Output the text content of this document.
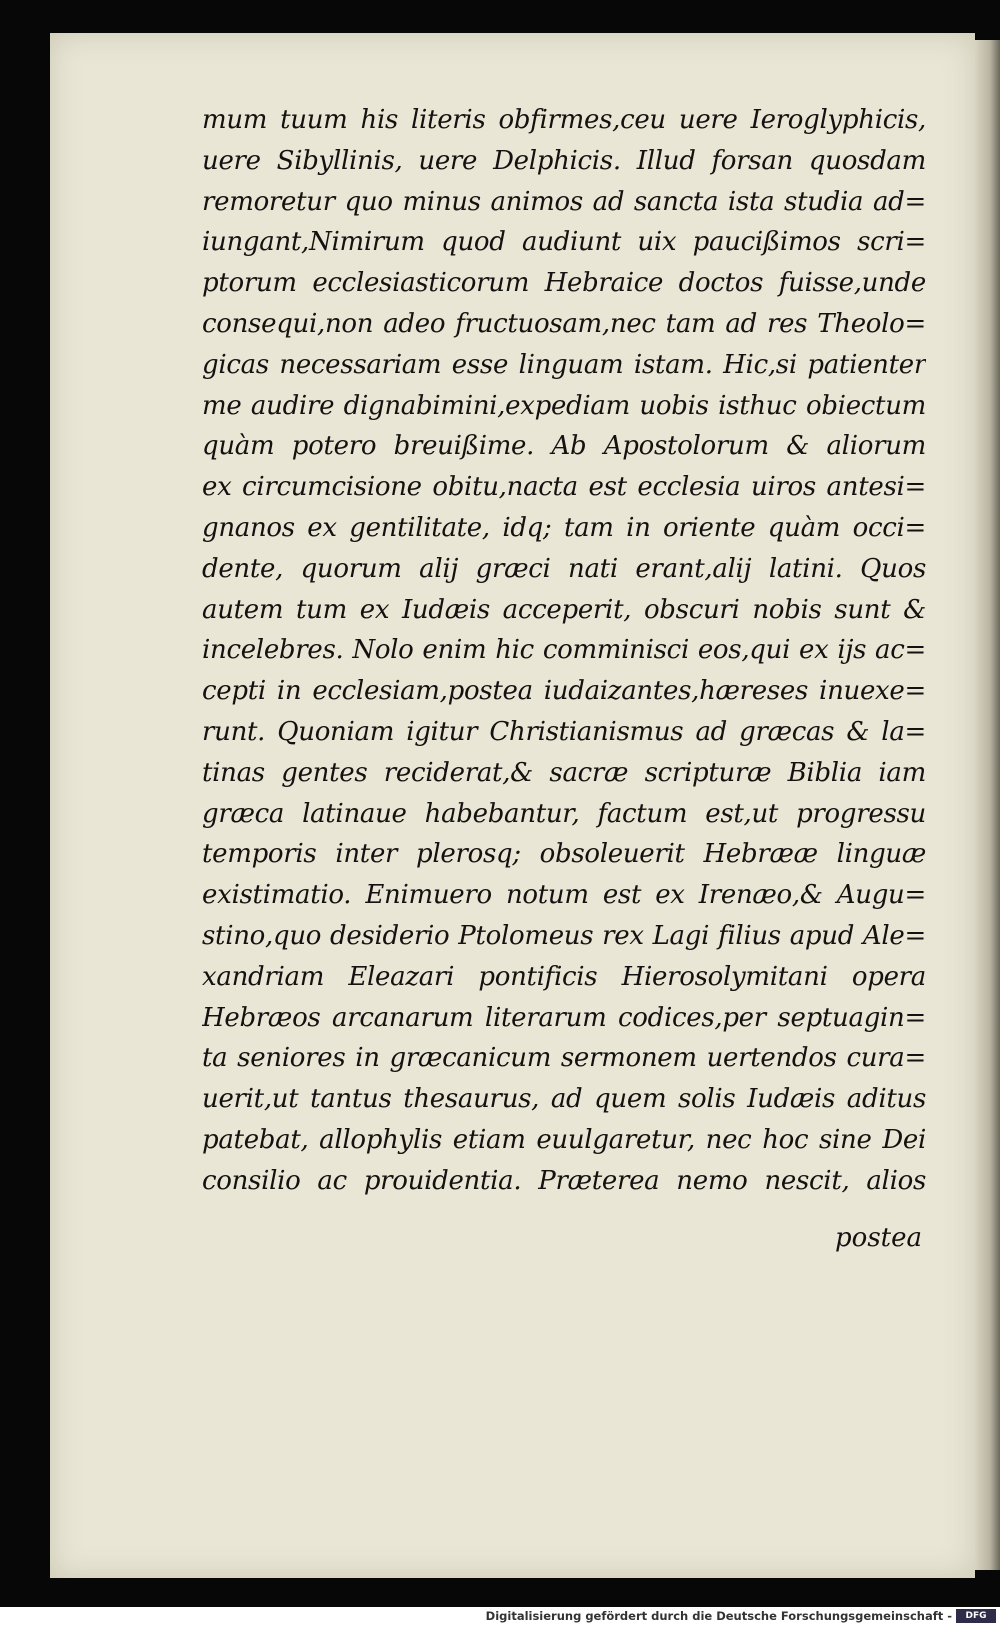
mum tuum his literis obfirmes,ceu uere Ieroglyphicis,
uere Sibyllinis, uere Delphicis. Illud forsan quosdam
remoretur quo minus animos ad sancta ista studia ad=
iungant,Nimirum quod audiunt uix paucißimos scri=
ptorum ecclesiasticorum Hebraice doctos fuisse,unde
consequi,non adeo fructuosam,nec tam ad res Theolo=
gicas necessariam esse linguam istam. Hic,si patienter
me audire dignabimini,expediam uobis isthuc obiectum
quàm potero breuißime. Ab Apostolorum & aliorum
ex circumcisione obitu,nacta est ecclesia uiros antesi=
gnanos ex gentilitate, idq; tam in oriente quàm occi=
dente, quorum alij græci nati erant,alij latini. Quos
autem tum ex Iudæis acceperit, obscuri nobis sunt &
incelebres. Nolo enim hic comminisci eos,qui ex ijs ac=
cepti in ecclesiam,postea iudaizantes,hæreses inuexe=
runt. Quoniam igitur Christianismus ad græcas & la=
tinas gentes reciderat,& sacræ scripturæ Biblia iam
græca latinaue habebantur, factum est,ut progressu
temporis inter plerosq; obsoleuerit Hebrææ linguæ
existimatio. Enimuero notum est ex Irenæo,& Augu=
stino,quo desiderio Ptolomeus rex Lagi filius apud Ale=
xandriam Eleazari pontificis Hierosolymitani opera
Hebræos arcanarum literarum codices,per septuagin=
ta seniores in græcanicum sermonem uertendos cura=
uerit,ut tantus thesaurus, ad quem solis Iudæis aditus
patebat, allophylis etiam euulgaretur, nec hoc sine Dei
consilio ac prouidentia. Præterea nemo nescit, alios
postea
Digitalisierung gefördert durch die Deutsche Forschungsgemeinschaft -	DFG
